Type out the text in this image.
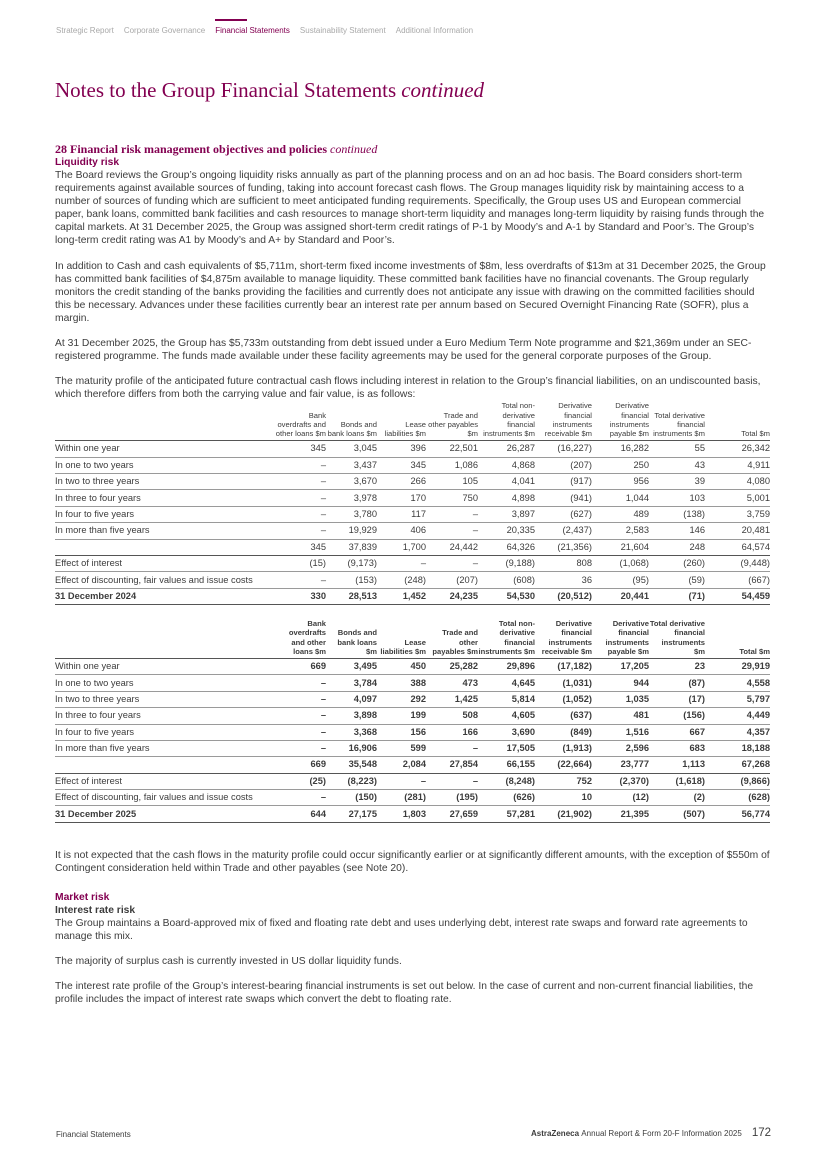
Strategic Report Corporate Governance Financial Statements Sustainability Statement Additional Information
Notes to the Group Financial Statements continued
28 Financial risk management objectives and policies continued
Liquidity risk

The Board reviews the Group’s ongoing liquidity risks annually as part of the planning process and on an ad hoc basis. The Board considers short-term requirements against available sources of funding, taking into account forecast cash flows. The Group manages liquidity risk by maintaining access to a number of sources of funding which are sufficient to meet anticipated funding requirements. Specifically, the Group uses US and European commercial paper, bank loans, committed bank facilities and cash resources to manage short-term liquidity and manages long-term liquidity by raising funds through the capital markets. At 31 December 2025, the Group was assigned short-term credit ratings of P-1 by Moody’s and A-1 by Standard and Poor’s. The Group’s long-term credit rating was A1 by Moody’s and A+ by Standard and Poor’s.

In addition to Cash and cash equivalents of $5,711m, short-term fixed income investments of $8m, less overdrafts of $13m at 31 December 2025, the Group has committed bank facilities of $4,875m available to manage liquidity. These committed bank facilities have no financial covenants. The Group regularly monitors the credit standing of the banks providing the facilities and currently does not anticipate any issue with drawing on the committed facilities should this be necessary. Advances under these facilities currently bear an interest rate per annum based on Secured Overnight Financing Rate (SOFR), plus a margin.

At 31 December 2025, the Group has $5,733m outstanding from debt issued under a Euro Medium Term Note programme and $21,369m under an SEC-registered programme. The funds made available under these facility agreements may be used for the general corporate purposes of the Group.

The maturity profile of the anticipated future contractual cash flows including interest in relation to the Group’s financial liabilities, on an undiscounted basis, which therefore differs from both the carrying value and fair value, is as follows:

	Bank overdrafts and other loans $m	Bonds and bank loans $m	Lease liabilities $m	Trade and other payables $m	Total non-derivative financial instruments $m	Derivative financial instruments receivable $m	Derivative financial instruments payable $m	Total derivative financial instruments $m	Total $m
Within one year	345	3,045	396	22,501	26,287	(16,227)	16,282	55	26,342
In one to two years	–	3,437	345	1,086	4,868	(207)	250	43	4,911
In two to three years	–	3,670	266	105	4,041	(917)	956	39	4,080
In three to four years	–	3,978	170	750	4,898	(941)	1,044	103	5,001
In four to five years	–	3,780	117	–	3,897	(627)	489	(138)	3,759
In more than five years	–	19,929	406	–	20,335	(2,437)	2,583	146	20,481
	345	37,839	1,700	24,442	64,326	(21,356)	21,604	248	64,574
Effect of interest	(15)	(9,173)	–	–	(9,188)	808	(1,068)	(260)	(9,448)
Effect of discounting, fair values and issue costs	–	(153)	(248)	(207)	(608)	36	(95)	(59)	(667)
31 December 2024	330	28,513	1,452	24,235	54,530	(20,512)	20,441	(71)	54,459
	Bank overdrafts and other loans $m	Bonds and bank loans $m	Lease liabilities $m	Trade and other payables $m	Total non-derivative financial instruments $m	Derivative financial instruments receivable $m	Derivative financial instruments payable $m	Total derivative financial instruments $m	Total $m
Within one year	669	3,495	450	25,282	29,896	(17,182)	17,205	23	29,919
In one to two years	–	3,784	388	473	4,645	(1,031)	944	(87)	4,558
In two to three years	–	4,097	292	1,425	5,814	(1,052)	1,035	(17)	5,797
In three to four years	–	3,898	199	508	4,605	(637)	481	(156)	4,449
In four to five years	–	3,368	156	166	3,690	(849)	1,516	667	4,357
In more than five years	–	16,906	599	–	17,505	(1,913)	2,596	683	18,188
	669	35,548	2,084	27,854	66,155	(22,664)	23,777	1,113	67,268
Effect of interest	(25)	(8,223)	–	–	(8,248)	752	(2,370)	(1,618)	(9,866)
Effect of discounting, fair values and issue costs	–	(150)	(281)	(195)	(626)	10	(12)	(2)	(628)
31 December 2025	644	27,175	1,803	27,659	57,281	(21,902)	21,395	(507)	56,774

It is not expected that the cash flows in the maturity profile could occur significantly earlier or at significantly different amounts, with the exception of $550m of Contingent consideration held within Trade and other payables (see Note 20).

Market risk
Interest rate risk

The Group maintains a Board-approved mix of fixed and floating rate debt and uses underlying debt, interest rate swaps and forward rate agreements to manage this mix.

The majority of surplus cash is currently invested in US dollar liquidity funds.

The interest rate profile of the Group’s interest-bearing financial instruments is set out below. In the case of current and non-current financial liabilities, the profile includes the impact of interest rate swaps which convert the debt to floating rate.

Financial Statements	AstraZeneca
Annual Report & Form 20-F Information 2025 172
